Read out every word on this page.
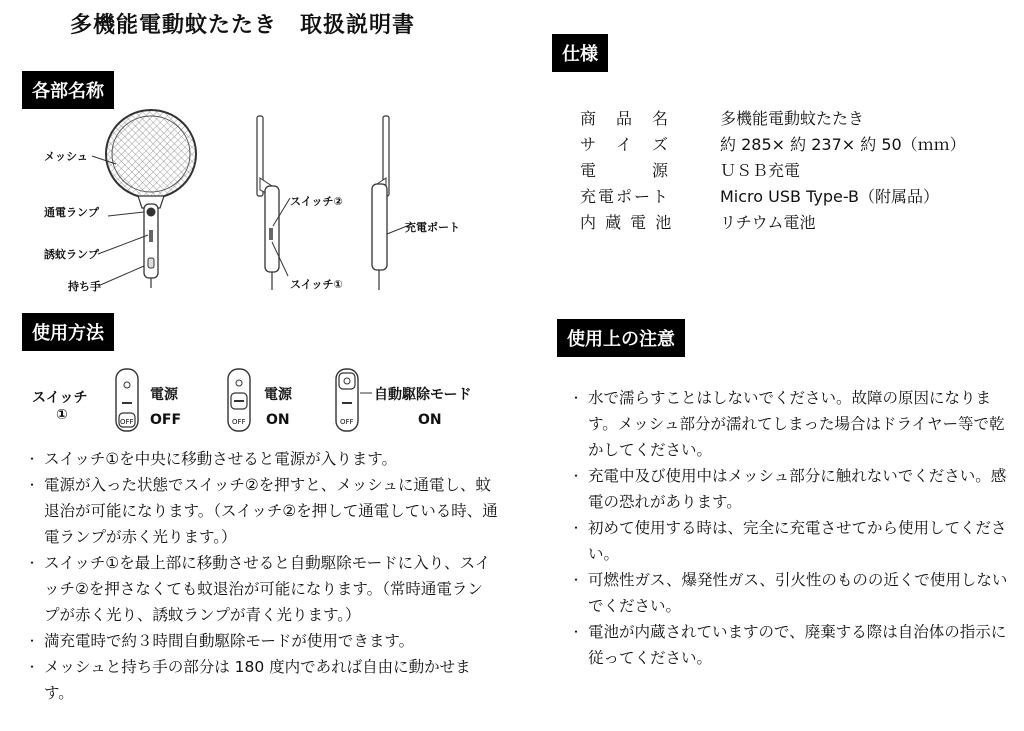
多機能電動蚊たたき　取扱説明書
各部名称
使用方法
仕様
使用上の注意
メッシュ
通電ランプ
誘蚊ランプ
持ち手
スイッチ②
スイッチ①
充電ポート
スイッチ
①	OFF	OFF	OFF
電源
OFF
電源
ON
自動駆除モード
ON
・ スイッチ①を中央に移動させると電源が入ります。
・ 電源が入った状態でスイッチ②を押すと、メッシュに通電し、蚊退治が可能になります。（スイッチ②を押して通電している時、通電ランプが赤く光ります。）
・ スイッチ①を最上部に移動させると自動駆除モードに入り、スイッチ②を押さなくても蚊退治が可能になります。（常時通電ランプが赤く光り、誘蚊ランプが青く光ります。）
・ 満充電時で約３時間自動駆除モードが使用できます。
・ メッシュと持ち手の部分は 180 度内であれば自由に動かせます。
商　品　名	多機能電動蚊たたき
サ　イ　ズ	約 285× 約 237× 約 50（ｍｍ）
電　　　源	ＵＳＢ充電
充電ポート	Micro USB Type-B（附属品）
内 蔵 電 池	リチウム電池
・ 水で濡らすことはしないでください。故障の原因になります。メッシュ部分が濡れてしまった場合はドライヤー等で乾かしてください。
・ 充電中及び使用中はメッシュ部分に触れないでください。感電の恐れがあります。
・ 初めて使用する時は、完全に充電させてから使用してください。
・ 可燃性ガス、爆発性ガス、引火性のものの近くで使用しないでください。
・ 電池が内蔵されていますので、廃棄する際は自治体の指示に従ってください。
